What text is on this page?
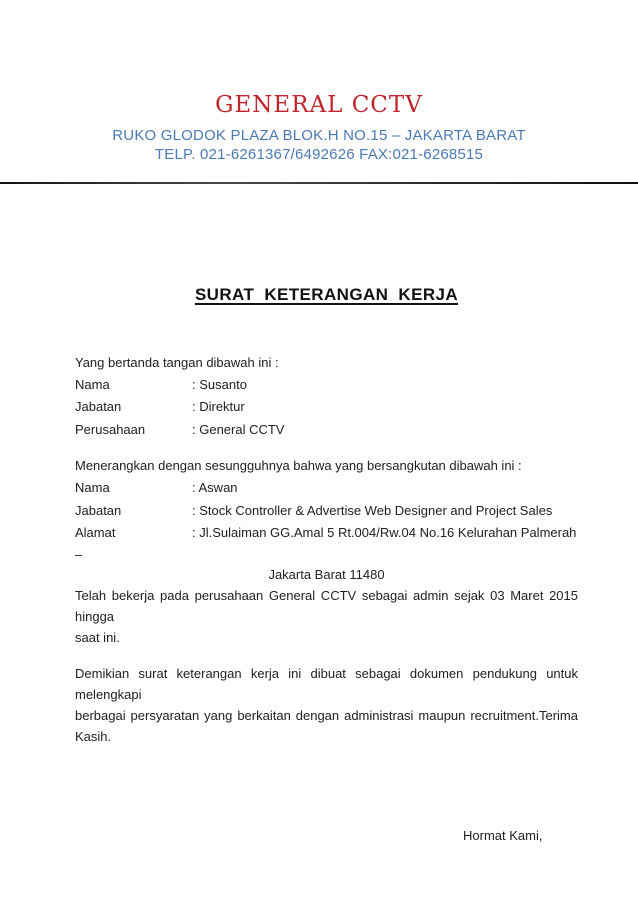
GENERAL CCTV
RUKO GLODOK PLAZA BLOK.H NO.15 – JAKARTA BARAT
TELP. 021-6261367/6492626 FAX:021-6268515
SURAT KETERANGAN KERJA
Yang bertanda tangan dibawah ini :
Nama	: Susanto
Jabatan	: Direktur
Perusahaan	: General CCTV
Menerangkan dengan sesungguhnya bahwa yang bersangkutan dibawah ini :
Nama	: Aswan
Jabatan	: Stock Controller & Advertise Web Designer and Project Sales
Alamat	: Jl.Sulaiman GG.Amal 5 Rt.004/Rw.04 No.16 Kelurahan Palmerah –
Jakarta Barat 11480
Telah bekerja pada perusahaan General CCTV sebagai admin sejak 03 Maret 2015 hingga
saat ini.
Demikian surat keterangan kerja ini dibuat sebagai dokumen pendukung untuk melengkapi
berbagai persyaratan yang berkaitan dengan administrasi maupun recruitment.Terima
Kasih.
Hormat Kami,
